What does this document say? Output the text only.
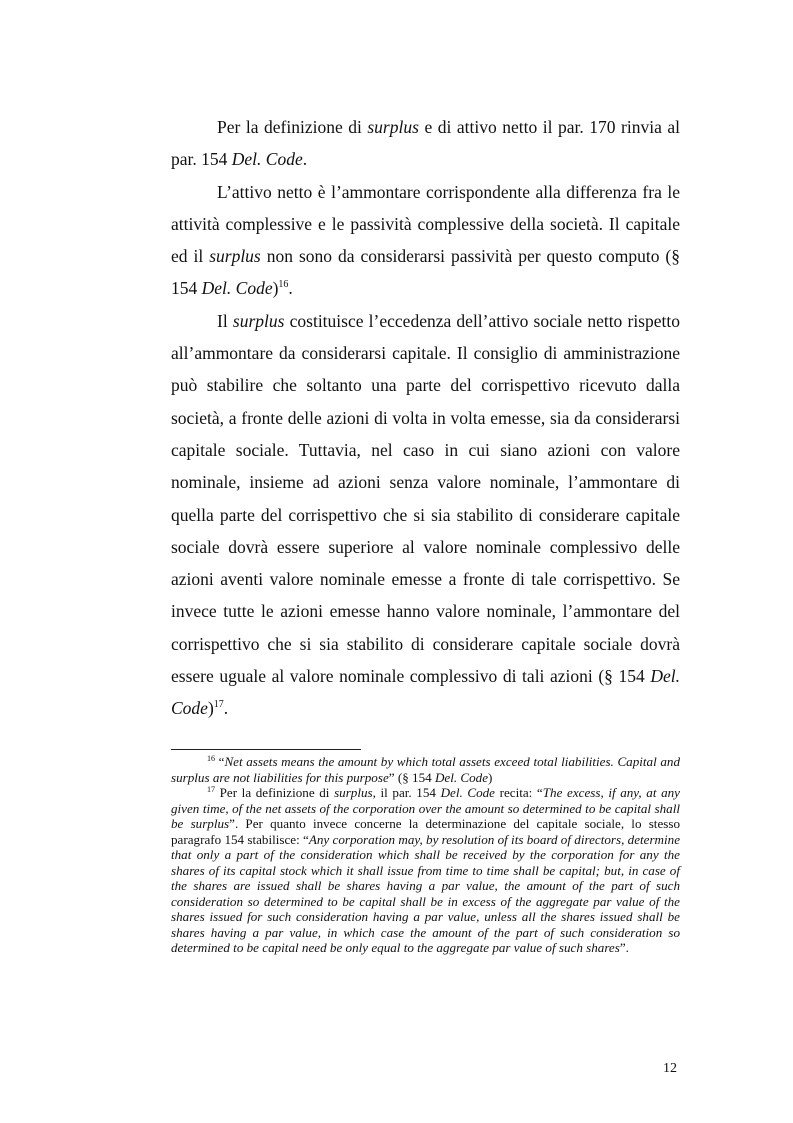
Per la definizione di surplus e di attivo netto il par. 170 rinvia al par. 154 Del. Code.

L’attivo netto è l’ammontare corrispondente alla differenza fra le attività complessive e le passività complessive della società. Il capitale ed il surplus non sono da considerarsi passività per questo computo (§ 154 Del. Code)$^{16}$.

Il surplus costituisce l’eccedenza dell’attivo sociale netto rispetto all’ammontare da considerarsi capitale. Il consiglio di amministrazione può stabilire che soltanto una parte del corrispettivo ricevuto dalla società, a fronte delle azioni di volta in volta emesse, sia da considerarsi capitale sociale. Tuttavia, nel caso in cui siano azioni con valore nominale, insieme ad azioni senza valore nominale, l’ammontare di quella parte del corrispettivo che si sia stabilito di considerare capitale sociale dovrà essere superiore al valore nominale complessivo delle azioni aventi valore nominale emesse a fronte di tale corrispettivo. Se invece tutte le azioni emesse hanno valore nominale, l’ammontare del corrispettivo che si sia stabilito di considerare capitale sociale dovrà essere uguale al valore nominale complessivo di tali azioni (§ 154 Del. Code)$^{17}$.

$^{16}$ “Net assets means the amount by which total assets exceed total liabilities. Capital and surplus are not liabilities for this purpose” (§ 154 Del. Code)

$^{17}$ Per la definizione di surplus, il par. 154 Del. Code recita: “The excess, if any, at any given time, of the net assets of the corporation over the amount so determined to be capital shall be surplus”. Per quanto invece concerne la determinazione del capitale sociale, lo stesso paragrafo 154 stabilisce: “Any corporation may, by resolution of its board of directors, determine that only a part of the consideration which shall be received by the corporation for any the shares of its capital stock which it shall issue from time to time shall be capital; but, in case of the shares are issued shall be shares having a par value, the amount of the part of such consideration so determined to be capital shall be in excess of the aggregate par value of the shares issued for such consideration having a par value, unless all the shares issued shall be shares having a par value, in which case the amount of the part of such consideration so determined to be capital need be only equal to the aggregate par value of such shares”.

12
